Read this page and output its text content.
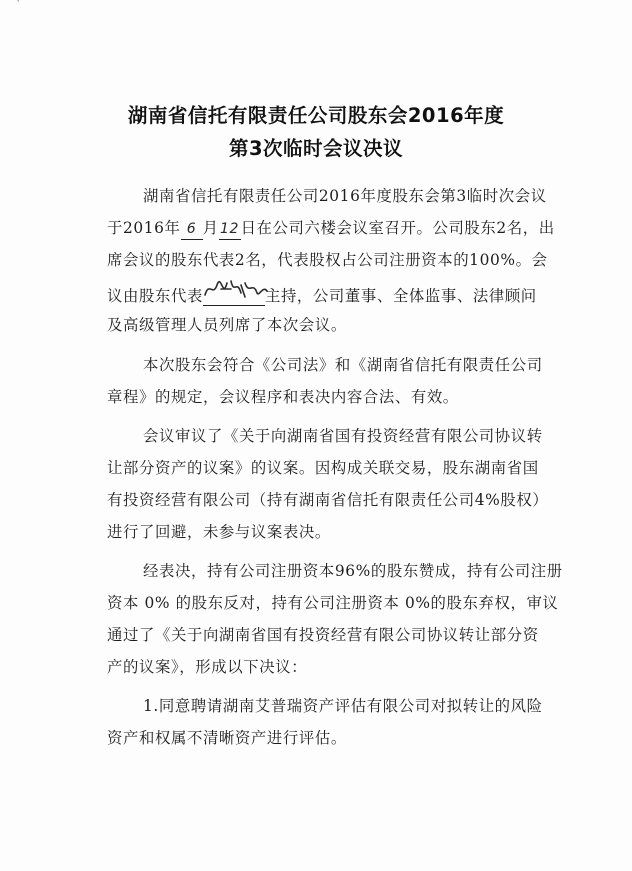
`
湖南省信托有限责任公司股东会2016年度
第3次临时会议决议
湖南省信托有限责任公司2016年度股东会第3临时次会议
于2016年 6 月12日在公司六楼会议室召开。公司股东2名，出
席会议的股东代表2名，代表股权占公司注册资本的100%。会
议由股东代表	主持，公司董事、全体监事、法律顾问
及高级管理人员列席了本次会议。
本次股东会符合《公司法》和《湖南省信托有限责任公司
章程》的规定，会议程序和表决内容合法、有效。
会议审议了《关于向湖南省国有投资经营有限公司协议转
让部分资产的议案》的议案。因构成关联交易，股东湖南省国
有投资经营有限公司（持有湖南省信托有限责任公司4%股权）
进行了回避，未参与议案表决。
经表决，持有公司注册资本96%的股东赞成，持有公司注册
资本 0% 的股东反对，持有公司注册资本 0%的股东弃权，审议
通过了《关于向湖南省国有投资经营有限公司协议转让部分资
产的议案》，形成以下决议：
1.同意聘请湖南艾普瑞资产评估有限公司对拟转让的风险
资产和权属不清晰资产进行评估。
